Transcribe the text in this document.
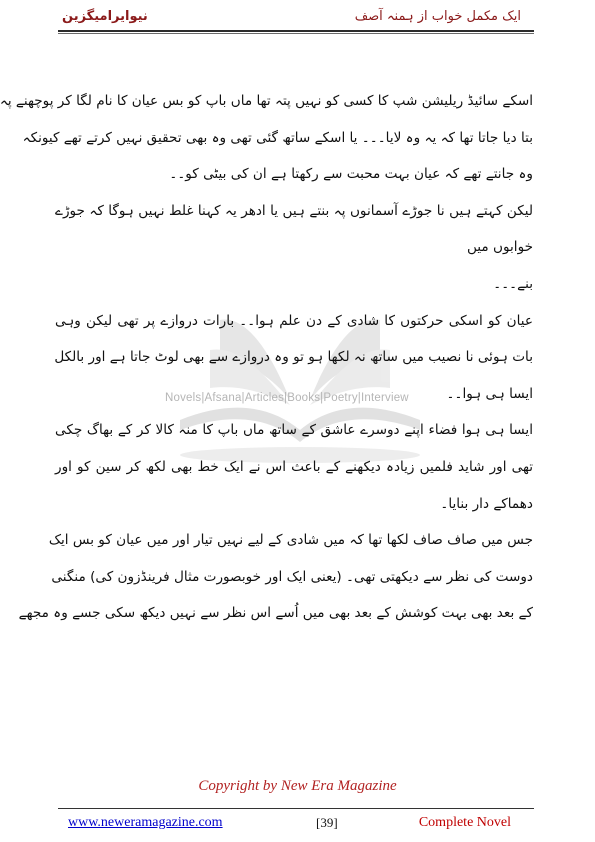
ایک مکمل خواب از ہمنہ آصف
نیوایرامیگزین
Novels|Afsana|Articles|Books|Poetry|Interview
اسکے سائیڈ ریلیشن شپ کا کسی کو نہیں پتہ تھا ماں باپ کو بس عیان کا نام لگا کر پوچھنے پہ
بتا دیا جاتا تھا کہ یہ وہ لایا۔۔۔ یا اسکے ساتھ گئی تھی وہ بھی تحقیق نہیں کرتے تھے کیونکہ
وہ جانتے تھے کہ عیان بہت محبت سے رکھتا ہے ان کی بیٹی کو۔۔
لیکن کہتے ہیں نا جوڑے آسمانوں پہ بنتے ہیں یا ادھر یہ کہنا غلط نہیں ہوگا کہ جوڑے
خوابوں میں
بنے۔۔۔
عیان کو اسکی حرکتوں کا شادی کے دن علم ہوا۔۔ بارات دروازے پر تھی لیکن وہی
بات ہوئی نا نصیب میں ساتھ نہ لکھا ہو تو وہ دروازے سے بھی لوٹ جاتا ہے اور بالکل
ایسا ہی ہوا۔۔
ایسا ہی ہوا فضاء اپنے دوسرے عاشق کے ساتھ ماں باپ کا منہ کالا کر کے بھاگ چکی
تھی اور شاید فلمیں زیادہ دیکھنے کے باعث اس نے ایک خط بھی لکھ کر سین کو اور
دھماکے دار بنایا۔
جس میں صاف صاف لکھا تھا کہ میں شادی کے لیے نہیں تیار اور میں عیان کو بس ایک
دوست کی نظر سے دیکھتی تھی۔ (یعنی ایک اور خوبصورت مثال فرینڈزون کی) منگنی
کے بعد بھی بہت کوشش کے بعد بھی میں اُسے اس نظر سے نہیں دیکھ سکی جسے وہ مجھے
Copyright by New Era Magazine
www.neweramagazine.com	[39]	Complete Novel
